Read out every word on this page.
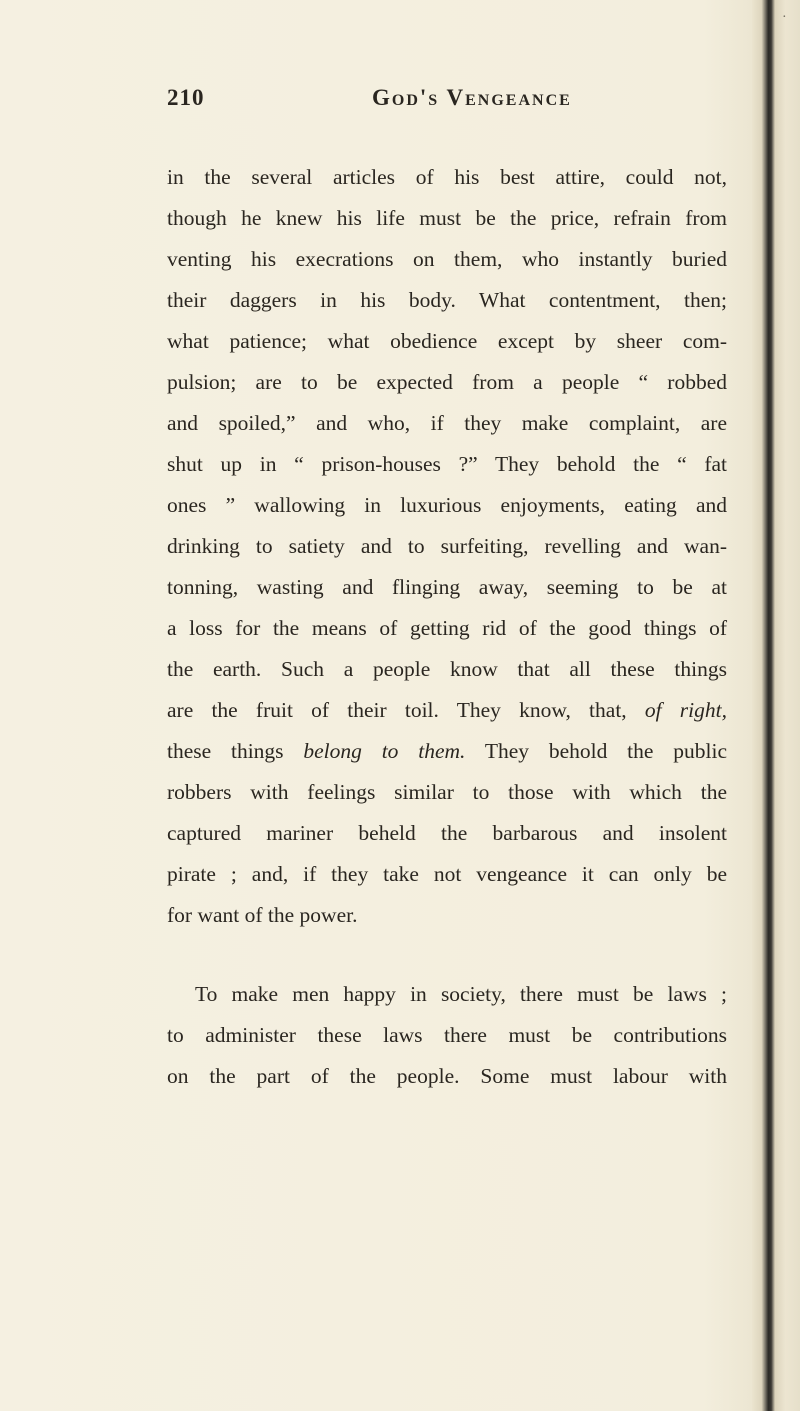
·
210	God's Vengeance
in the several articles of his best attire, could not,
though he knew his life must be the price, refrain from
venting his execrations on them, who instantly buried
their daggers in his body. What contentment, then;
what patience; what obedience except by sheer com-
pulsion; are to be expected from a people “ robbed
and spoiled,” and who, if they make complaint, are
shut up in “ prison-houses ?” They behold the “ fat
ones ” wallowing in luxurious enjoyments, eating and
drinking to satiety and to surfeiting, revelling and wan-
tonning, wasting and flinging away, seeming to be at
a loss for the means of getting rid of the good things of
the earth. Such a people know that all these things
are the fruit of their toil. They know, that, of right,
these things belong to them. They behold the public
robbers with feelings similar to those with which the
captured mariner beheld the barbarous and insolent
pirate ; and, if they take not vengeance it can only be
for want of the power.
To make men happy in society, there must be laws ;
to administer these laws there must be contributions
on the part of the people. Some must labour with
